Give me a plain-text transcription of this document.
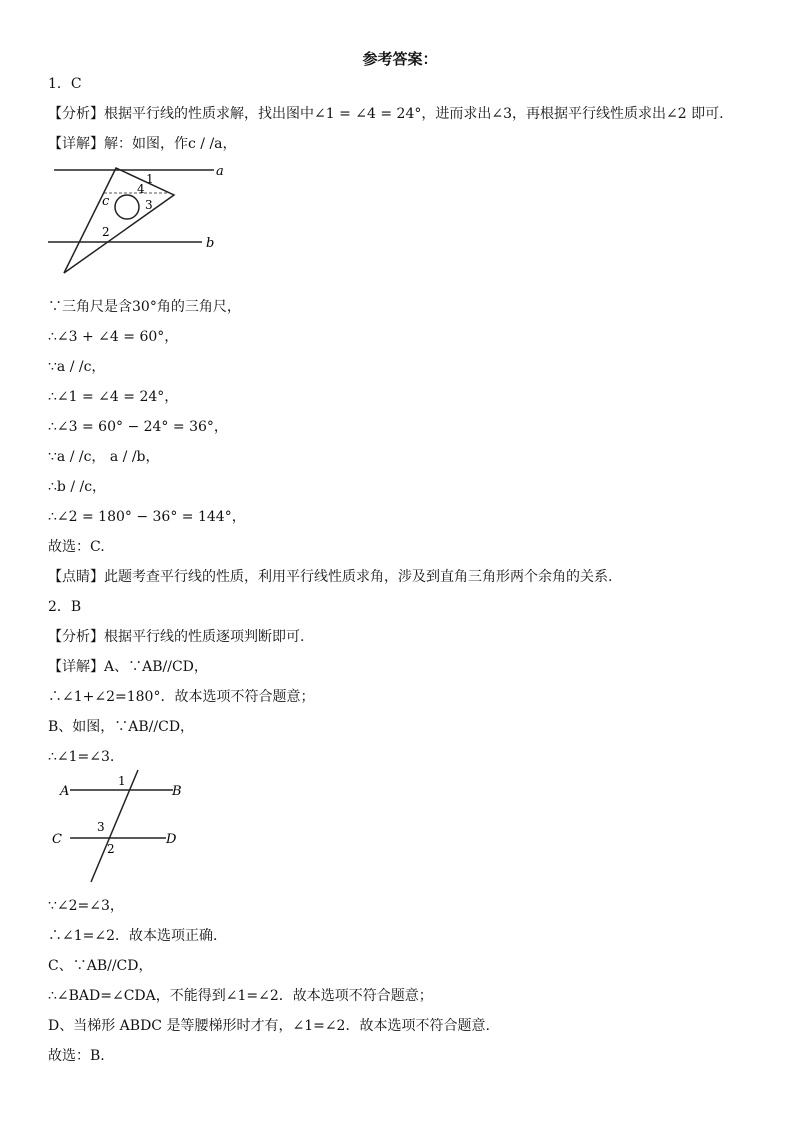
参考答案：
1．C
【分析】根据平行线的性质求解，找出图中∠1 = ∠4 = 24°，进而求出∠3，再根据平行线性质求出∠2 即可.
【详解】解：如图，作c / /a，
a
b
c
1
4
3
2
∵三角尺是含30°角的三角尺，
∴∠3 + ∠4 = 60°，
∵a / /c，
∴∠1 = ∠4 = 24°，
∴∠3 = 60° − 24° = 36°，
∵a / /c， a / /b，
∴b / /c，
∴∠2 = 180° − 36° = 144°，
故选：C.
【点睛】此题考查平行线的性质，利用平行线性质求角，涉及到直角三角形两个余角的关系.
2．B
【分析】根据平行线的性质逐项判断即可.
【详解】A、∵AB//CD，
∴∠1+∠2=180°．故本选项不符合题意；
B、如图，∵AB//CD，
∴∠1=∠3.
A	B
C	D
1
3
2
∵∠2=∠3，
∴∠1=∠2．故本选项正确.
C、∵AB//CD，
∴∠BAD=∠CDA，不能得到∠1=∠2．故本选项不符合题意；
D、当梯形 ABDC 是等腰梯形时才有，∠1=∠2．故本选项不符合题意.
故选：B.
